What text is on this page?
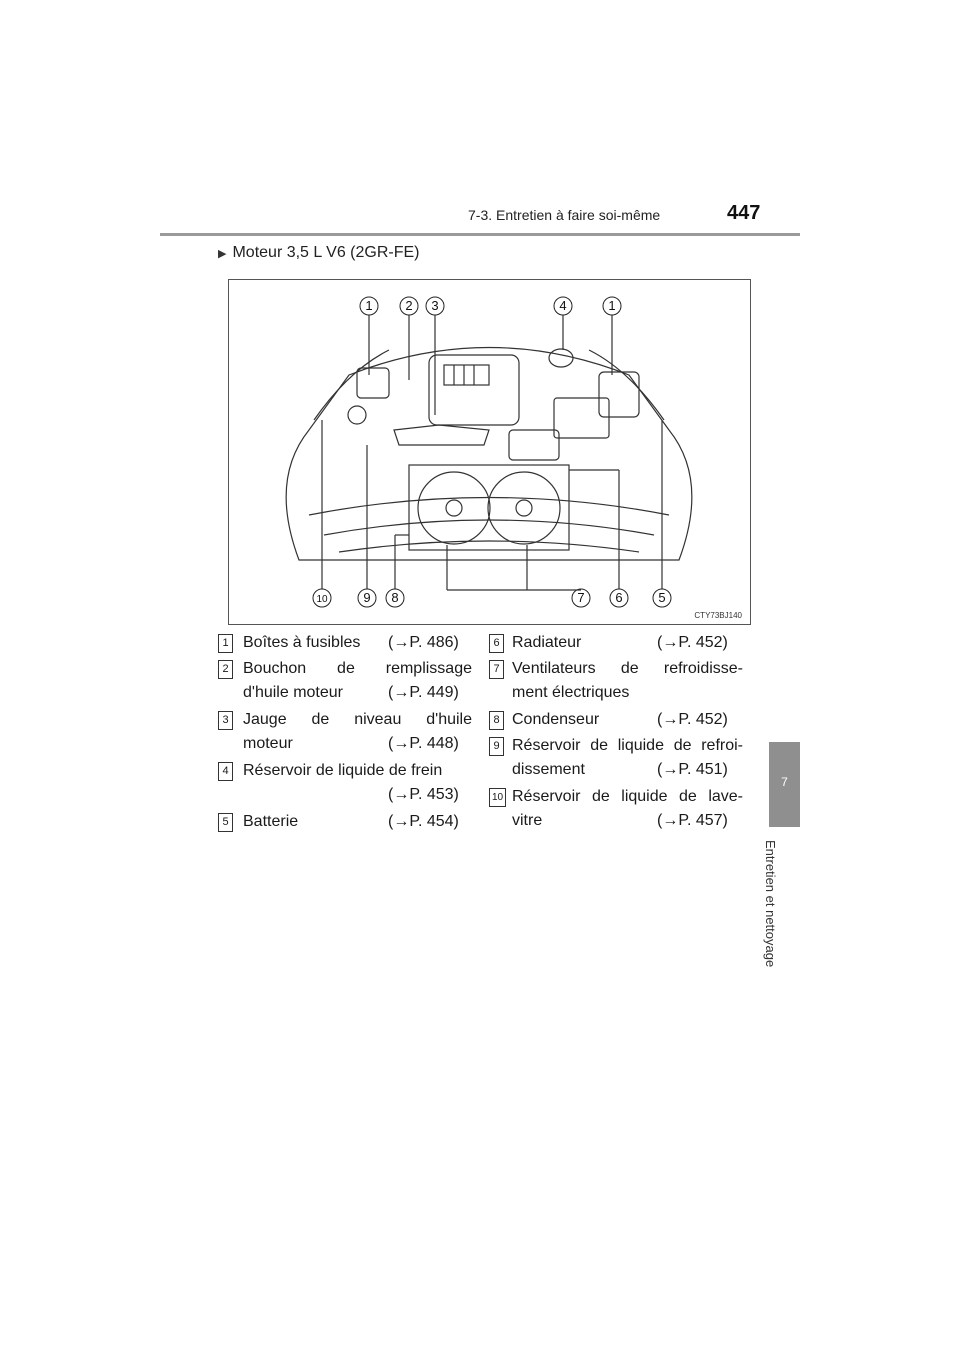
7-3. Entretien à faire soi-même	447
7
Entretien et nettoyage
▶ Moteur 3,5 L V6 (2GR-FE)
1	2 3	4	1
10	9 8	7 6	5
CTY73BJ140
1 Boîtes à fusibles (→P. 486)
2 Bouchon de remplissage
d'huile moteur	(→P. 449)
3 Jauge de niveau d'huile
moteur	(→P. 448)
4 Réservoir de liquide de frein
(→P. 453)
5 Batterie	(→P. 454)
6 Radiateur	(→P. 452)
7 Ventilateurs de refroidisse-
ment électriques
8 Condenseur	(→P. 452)
9 Réservoir de liquide de refroi-
dissement	(→P. 451)
10 Réservoir de liquide de lave-
vitre	(→P. 457)
